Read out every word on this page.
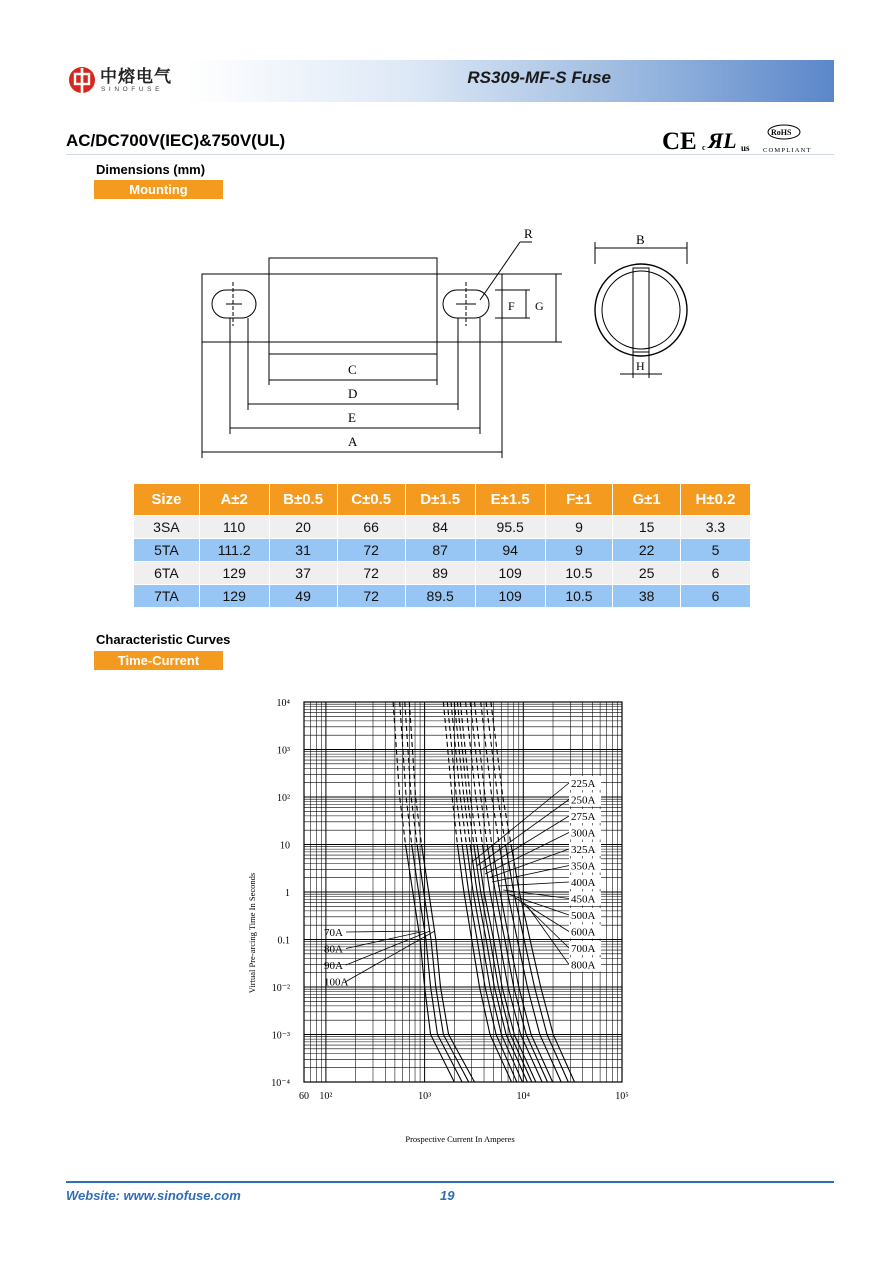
中熔电气
SINOFUSE
RS309-MF-S Fuse
AC/DC700V(IEC)&750V(UL)	CE c ЯL us
RoHS
COMPLIANT
Dimensions (mm)
Mounting
R
F G
C
D
E
A
B
H
Size	A±2	B±0.5	C±0.5	D±1.5	E±1.5	F±1	G±1	H±0.2
3SA	110	20	66	84	95.5	9	15	3.3
5TA	111.2	31	72	87	94	9	22	5
6TA	129	37	72	89	109	10.5	25	6
7TA	129	49	72	89.5	109	10.5	38	6
Characteristic Curves
Time-Current
10⁴
10³
10²
10
1
0.1
10⁻²
10⁻³
10⁻⁴
60 10²	10³	10⁴	10⁵
70A
80A
90A
100A
225A
250A
275A
300A
325A
350A
400A
450A
500A
600A
700A
800A
Virtual Pre-arcing Time In Seconds
Prospective Current In Amperes
Website: www.sinofuse.com	19
